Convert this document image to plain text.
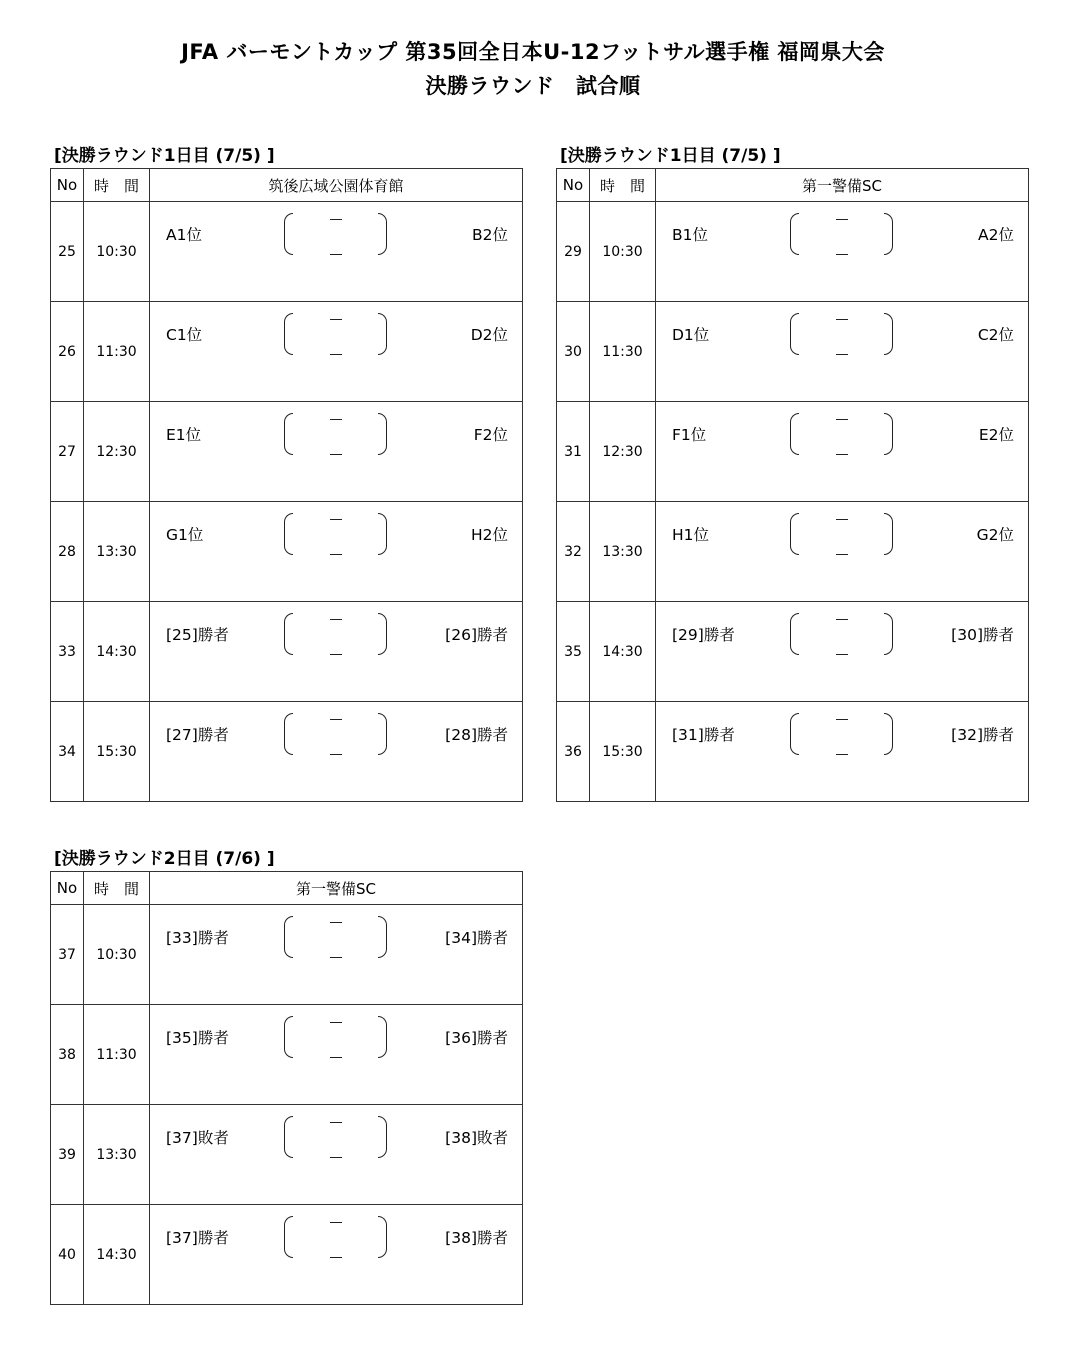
JFA バーモントカップ 第35回全日本U-12フットサル選手権 福岡県大会
決勝ラウンド　試合順
[決勝ラウンド1日目 (7/5) ]
No	時　間	筑後広域公園体育館
25	10:30	A1位 B2位

26	11:30	C1位 D2位

27	12:30	E1位 F2位

28	13:30	G1位 H2位

33	14:30	[25]勝者 [26]勝者

34	15:30	[27]勝者 [28]勝者
[決勝ラウンド1日目 (7/5) ]
No	時　間	第一警備SC
29	10:30	B1位 A2位

30	11:30	D1位 C2位

31	12:30	F1位 E2位

32	13:30	H1位 G2位

35	14:30	[29]勝者 [30]勝者

36	15:30	[31]勝者 [32]勝者
[決勝ラウンド2日目 (7/6) ]
No	時　間	第一警備SC
37	10:30	[33]勝者 [34]勝者

38	11:30	[35]勝者 [36]勝者

39	13:30	[37]敗者 [38]敗者

40	14:30	[37]勝者 [38]勝者
